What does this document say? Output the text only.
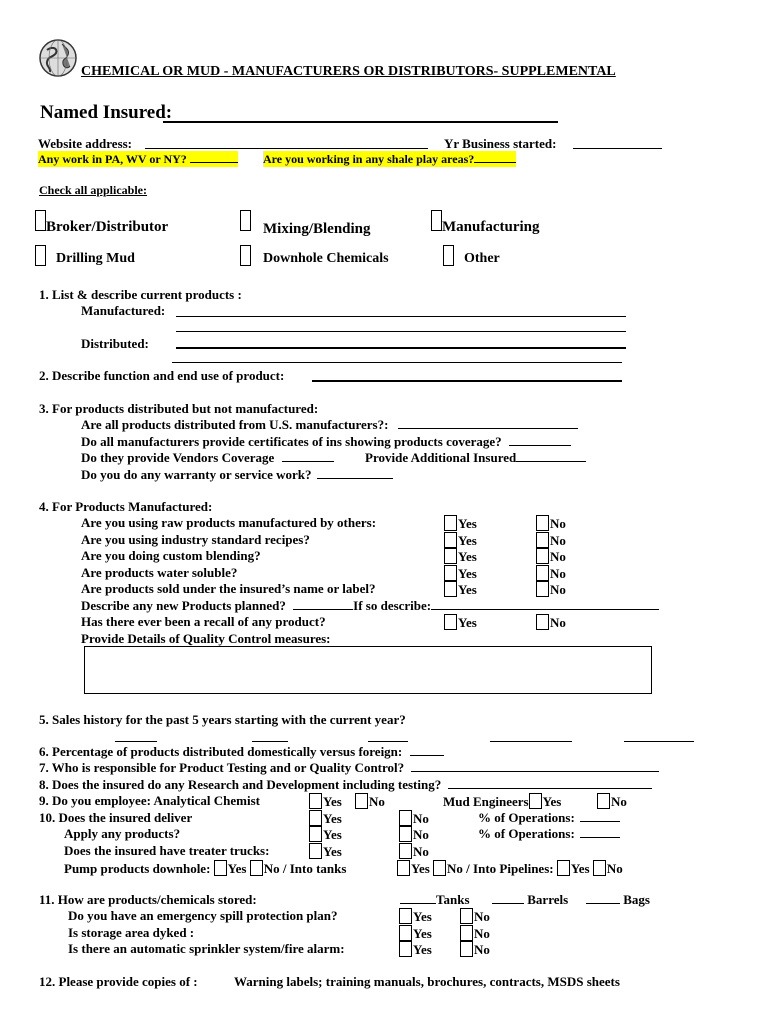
CHEMICAL OR MUD - MANUFACTURERS OR DISTRIBUTORS- SUPPLEMENTAL
Named Insured:
Website address:	Yr Business started:
Any work in PA, WV or NY?	Are you working in any shale play areas?
Check all applicable:
Broker/Distributor	Mixing/Blending	Manufacturing
Drilling Mud	Downhole Chemicals	Other
1. List & describe current products :
Manufactured:
Distributed:
2. Describe function and end use of product:
3. For products distributed but not manufactured:
Are all products distributed from U.S. manufacturers?:
Do all manufacturers provide certificates of ins showing products coverage?
Do they provide Vendors Coverage	Provide Additional Insured
Do you do any warranty or service work?
4. For Products Manufactured:
Are you using raw products manufactured by others:	Yes	No
Are you using industry standard recipes?	Yes	No
Are you doing custom blending?	Yes	No
Are products water soluble?	Yes	No
Are products sold under the insured’s name or label?	Yes	No
Describe any new Products planned?	If so describe:
Has there ever been a recall of any product?	Yes	No
Provide Details of Quality Control measures:
5. Sales history for the past 5 years starting with the current year?
6. Percentage of products distributed domestically versus foreign:
7. Who is responsible for Product Testing and or Quality Control?
8. Does the insured do any Research and Development including testing?
9. Do you employee: Analytical Chemist	Yes	No	Mud Engineers Yes	No
10. Does the insured deliver	Yes	No	% of Operations:
Apply any products?	Yes	No	% of Operations:
Does the insured have treater trucks:	Yes	No
Pump products downhole: Yes No / Into tanks	Yes No / Into Pipelines: Yes No
11. How are products/chemicals stored:	Tanks	Barrels	Bags
Do you have an emergency spill protection plan?	Yes	No
Is storage area dyked :	Yes	No
Is there an automatic sprinkler system/fire alarm:	Yes	No
12. Please provide copies of :	Warning labels; training manuals, brochures, contracts, MSDS sheets
